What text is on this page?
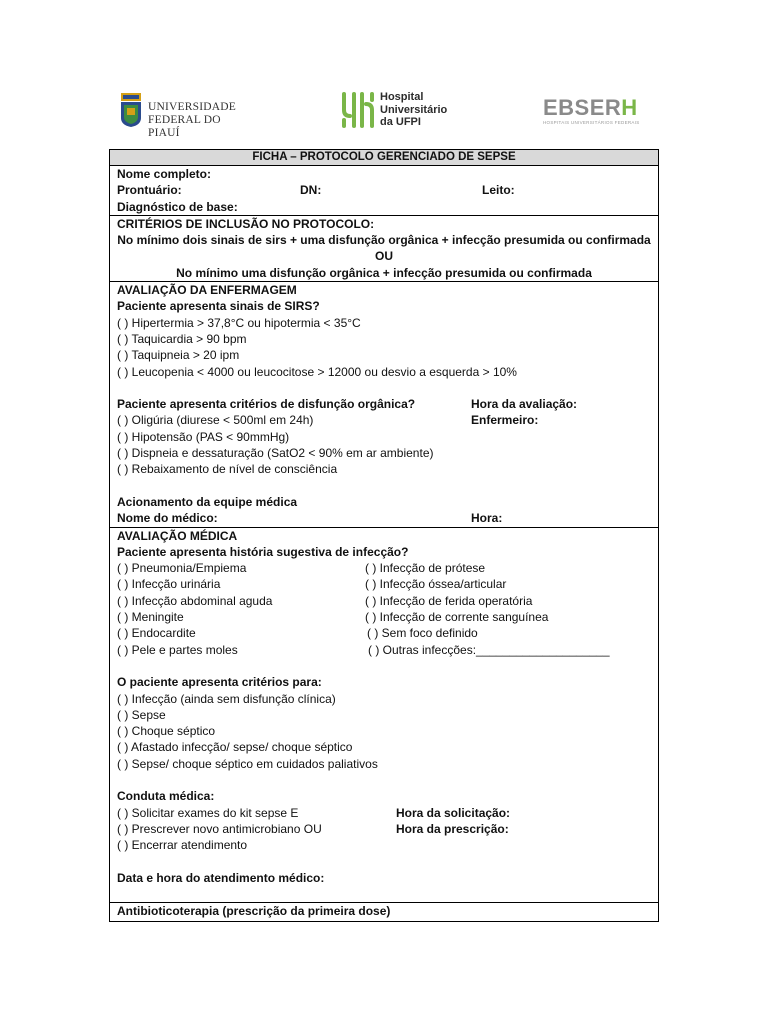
UNIVERSIDADE
FEDERAL DO PIAUÍ
Hospital
Universitário
da UFPI
EBSERH
HOSPITAIS UNIVERSITÁRIOS FEDERAIS
FICHA – PROTOCOLO GERENCIADO DE SEPSE
Nome completo:
Prontuário:	DN:	Leito:
Diagnóstico de base:
CRITÉRIOS DE INCLUSÃO NO PROTOCOLO:
No mínimo dois sinais de sirs + uma disfunção orgânica + infecção presumida ou confirmada
OU
No mínimo uma disfunção orgânica + infecção presumida ou confirmada
AVALIAÇÃO DA ENFERMAGEM
Paciente apresenta sinais de SIRS?
( ) Hipertermia > 37,8°C ou hipotermia < 35°C
( ) Taquicardia > 90 bpm
( ) Taquipneia > 20 ipm
( ) Leucopenia < 4000 ou leucocitose > 12000 ou desvio a esquerda > 10%
Paciente apresenta critérios de disfunção orgânica?	Hora da avaliação:
( ) Oligúria (diurese < 500ml em 24h)	Enfermeiro:
( ) Hipotensão (PAS < 90mmHg)
( ) Dispneia e dessaturação (SatO2 < 90% em ar ambiente)
( ) Rebaixamento de nível de consciência
Acionamento da equipe médica
Nome do médico:	Hora:
AVALIAÇÃO MÉDICA
Paciente apresenta história sugestiva de infecção?
( ) Pneumonia/Empiema	( ) Infecção de prótese
( ) Infecção urinária	( ) Infecção óssea/articular
( ) Infecção abdominal aguda	( ) Infecção de ferida operatória
( ) Meningite	( ) Infecção de corrente sanguínea
( ) Endocardite	( ) Sem foco definido
( ) Pele e partes moles	( ) Outras infecções:____________________
O paciente apresenta critérios para:
( ) Infecção (ainda sem disfunção clínica)
( ) Sepse
( ) Choque séptico
( ) Afastado infecção/ sepse/ choque séptico
( ) Sepse/ choque séptico em cuidados paliativos
Conduta médica:
( ) Solicitar exames do kit sepse E	Hora da solicitação:
( ) Prescrever novo antimicrobiano OU	Hora da prescrição:
( ) Encerrar atendimento
Data e hora do atendimento médico:
Antibioticoterapia (prescrição da primeira dose)
